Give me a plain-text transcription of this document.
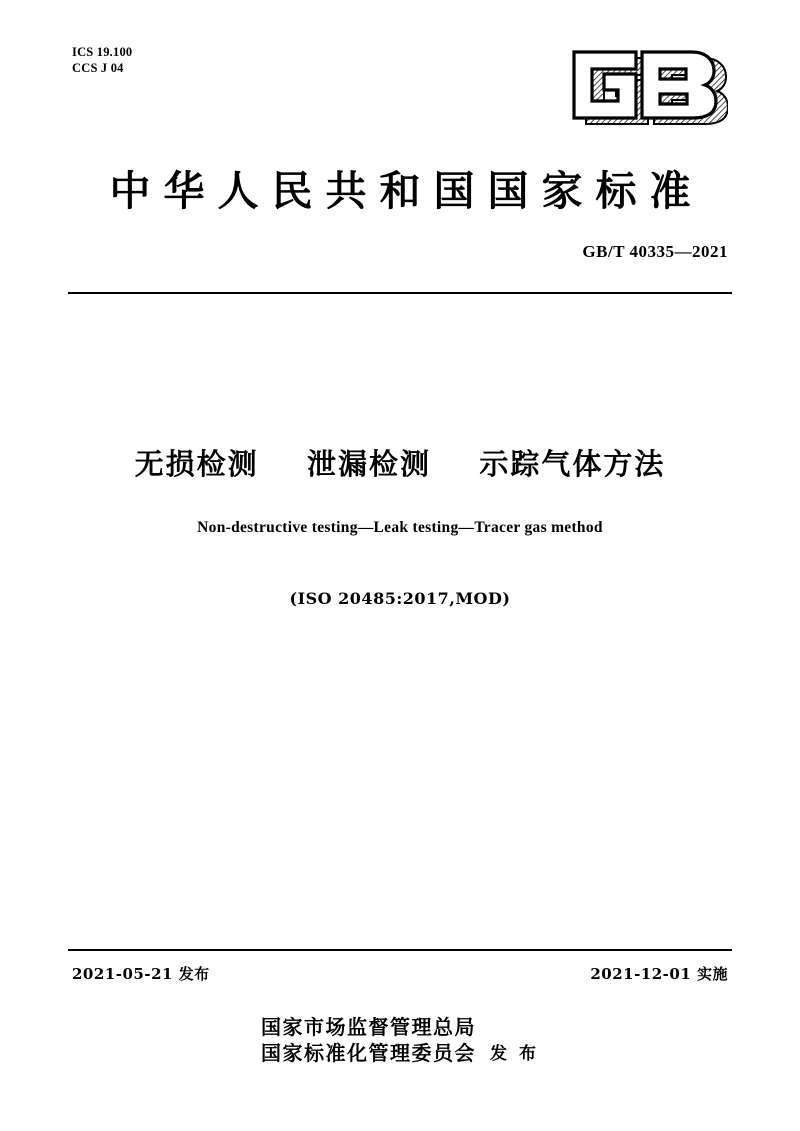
ICS 19.100
CCS J 04
中华人民共和国国家标准
GB/T 40335—2021
无损检测    泄漏检测    示踪气体方法
Non-destructive testing—Leak testing—Tracer gas method
(ISO 20485:2017,MOD)
2021-05-21 发布	2021-12-01 实施
国家市场监督管理总局
国家标准化管理委员会 发 布
